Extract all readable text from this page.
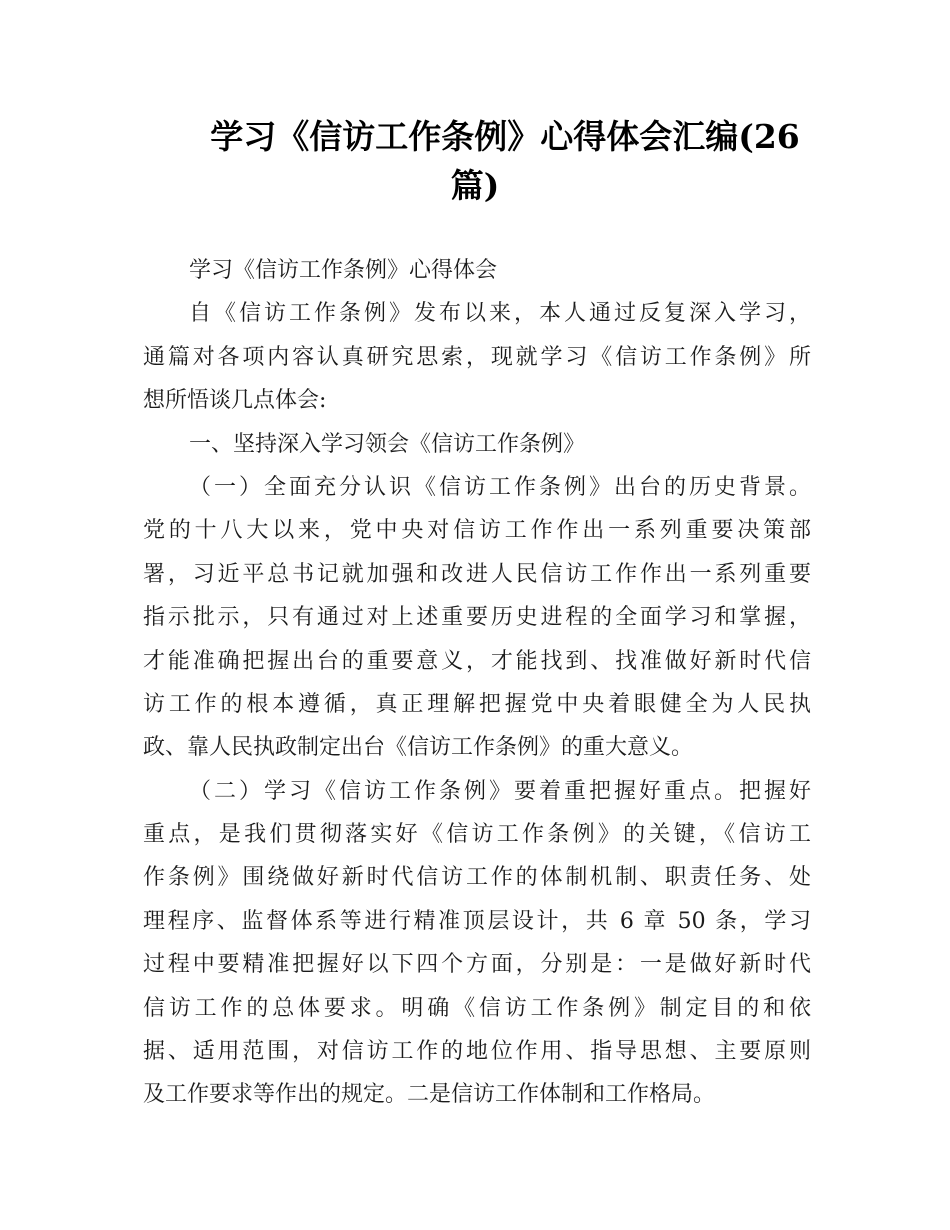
学习《信访工作条例》心得体会汇编(26
篇)
学习《信访工作条例》心得体会
自《信访工作条例》发布以来，本人通过反复深入学习，
通篇对各项内容认真研究思索，现就学习《信访工作条例》所
想所悟谈几点体会:
一、坚持深入学习领会《信访工作条例》
（一）全面充分认识《信访工作条例》出台的历史背景。
党的十八大以来，党中央对信访工作作出一系列重要决策部
署，习近平总书记就加强和改进人民信访工作作出一系列重要
指示批示，只有通过对上述重要历史进程的全面学习和掌握，
才能准确把握出台的重要意义，才能找到、找准做好新时代信
访工作的根本遵循，真正理解把握党中央着眼健全为人民执
政、靠人民执政制定出台《信访工作条例》的重大意义。
（二）学习《信访工作条例》要着重把握好重点。把握好
重点，是我们贯彻落实好《信访工作条例》的关键，《信访工
作条例》围绕做好新时代信访工作的体制机制、职责任务、处
理程序、监督体系等进行精准顶层设计，共 6 章 50 条，学习
过程中要精准把握好以下四个方面，分别是：一是做好新时代
信访工作的总体要求。明确《信访工作条例》制定目的和依
据、适用范围，对信访工作的地位作用、指导思想、主要原则
及工作要求等作出的规定。二是信访工作体制和工作格局。
